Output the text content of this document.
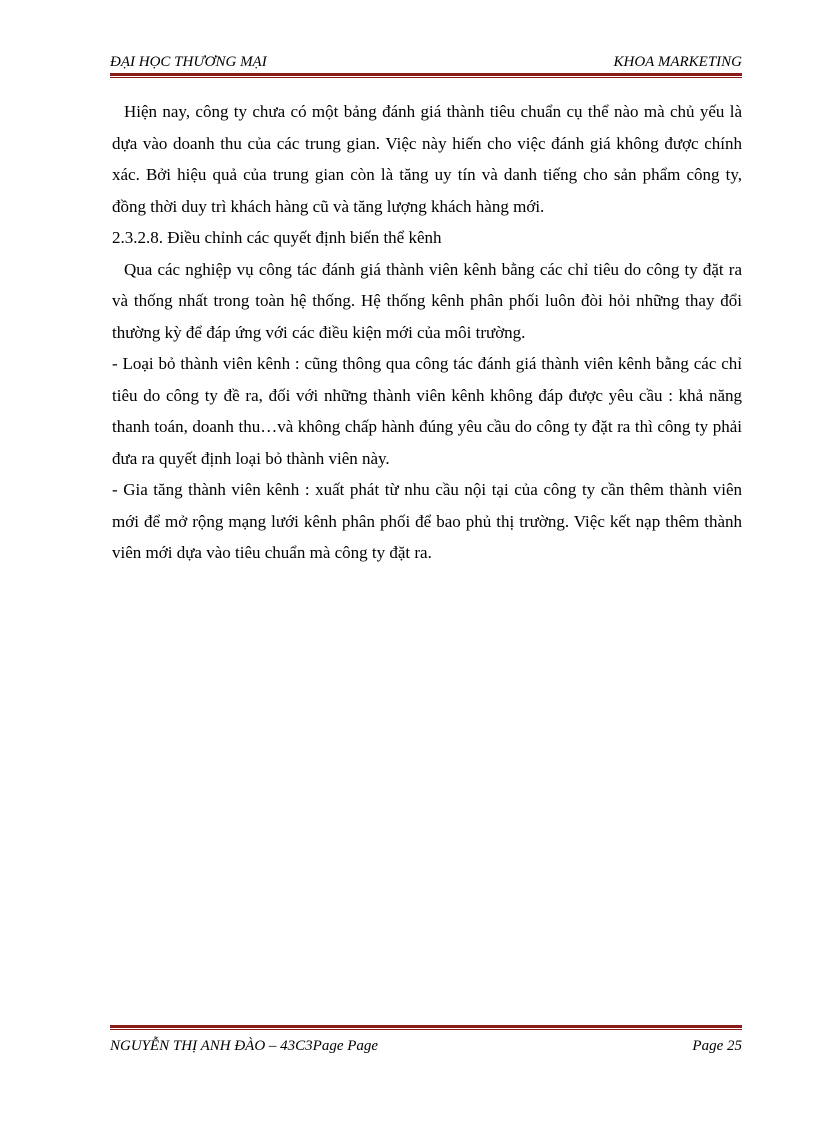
ĐẠI HỌC THƯƠNG MẠI	KHOA MARKETING

Hiện nay, công ty chưa có một bảng đánh giá thành tiêu chuẩn cụ thể nào mà chủ yếu là dựa vào doanh thu của các trung gian. Việc này hiến cho việc đánh giá không được chính xác. Bởi hiệu quả của trung gian còn là tăng uy tín và danh tiếng cho sản phẩm công ty, đồng thời duy trì khách hàng cũ và tăng lượng khách hàng mới.

2.3.2.8. Điều chỉnh các quyết định biến thể kênh

Qua các nghiệp vụ công tác đánh giá thành viên kênh bằng các chỉ tiêu do công ty đặt ra và thống nhất trong toàn hệ thống. Hệ thống kênh phân phối luôn đòi hỏi những thay đổi thường kỳ để đáp ứng với các điều kiện mới của môi trường.

- Loại bỏ thành viên kênh : cũng thông qua công tác đánh giá thành viên kênh bằng các chỉ tiêu do công ty đề ra, đối với những thành viên kênh không đáp được yêu cầu : khả năng thanh toán, doanh thu…và không chấp hành đúng yêu cầu do công ty đặt ra thì công ty phải đưa ra quyết định loại bỏ thành viên này.

- Gia tăng thành viên kênh : xuất phát từ nhu cầu nội tại của công ty cần thêm thành viên mới để mở rộng mạng lưới kênh phân phối để bao phủ thị trường. Việc kết nạp thêm thành viên mới dựa vào tiêu chuẩn mà công ty đặt ra.

NGUYỄN THỊ ANH ĐÀO – 43C3Page Page	Page 25
